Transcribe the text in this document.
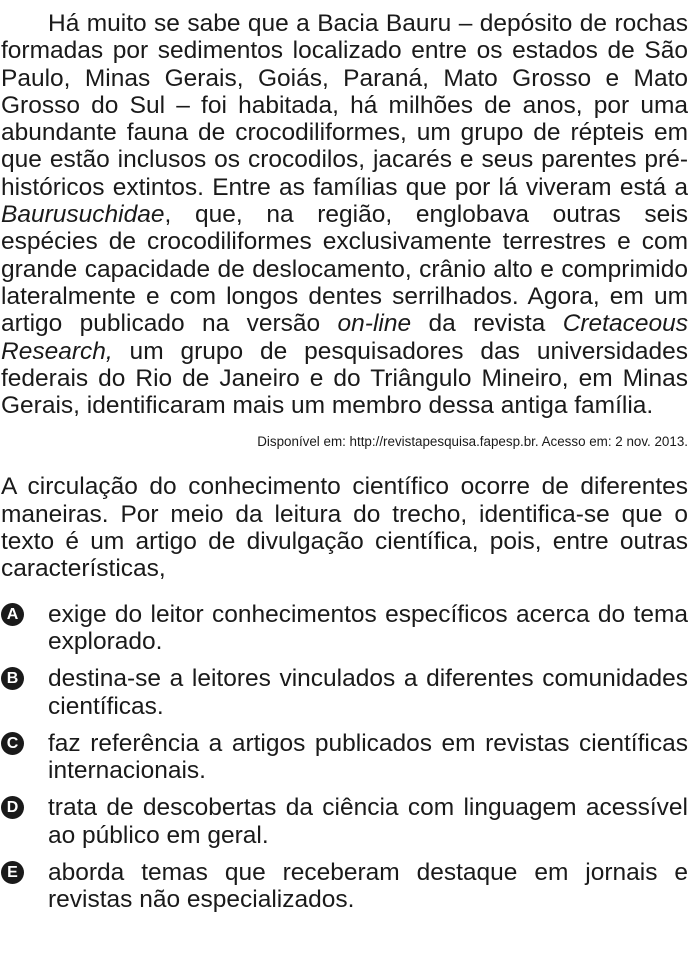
Há muito se sabe que a Bacia Bauru – depósito de rochas formadas por sedimentos localizado entre os estados de São Paulo, Minas Gerais, Goiás, Paraná, Mato Grosso e Mato Grosso do Sul – foi habitada, há milhões de anos, por uma abundante fauna de crocodiliformes, um grupo de répteis em que estão inclusos os crocodilos, jacarés e seus parentes pré-históricos extintos. Entre as famílias que por lá viveram está a Baurusuchidae, que, na região, englobava outras seis espécies de crocodiliformes exclusivamente terrestres e com grande capacidade de deslocamento, crânio alto e comprimido lateralmente e com longos dentes serrilhados. Agora, em um artigo publicado na versão on-line da revista Cretaceous Research, um grupo de pesquisadores das universidades federais do Rio de Janeiro e do Triângulo Mineiro, em Minas Gerais, identificaram mais um membro dessa antiga família.

Disponível em: http://revistapesquisa.fapesp.br. Acesso em: 2 nov. 2013.

A circulação do conhecimento científico ocorre de diferentes maneiras. Por meio da leitura do trecho, identifica-se que o texto é um artigo de divulgação científica, pois, entre outras características,

A exige do leitor conhecimentos específicos acerca do tema explorado.
B destina-se a leitores vinculados a diferentes comunidades científicas.
C faz referência a artigos publicados em revistas científicas internacionais.
D trata de descobertas da ciência com linguagem acessível ao público em geral.
E aborda temas que receberam destaque em jornais e revistas não especializados.
